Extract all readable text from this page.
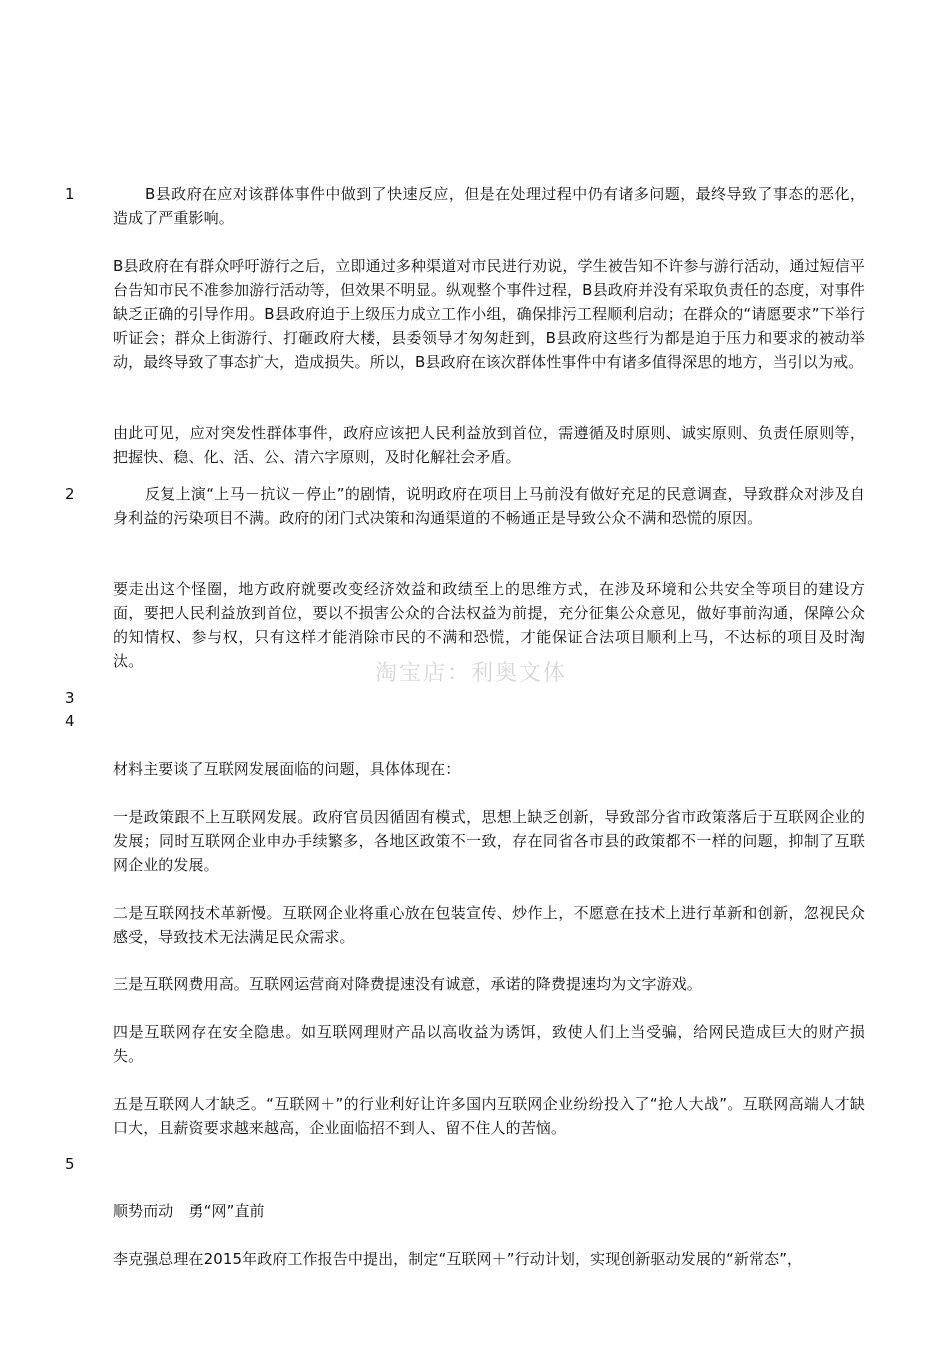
1	B县政府在应对该群体事件中做到了快速反应，但是在处理过程中仍有诸多问题，最终导致了事态的恶化，造成了严重影响。
B县政府在有群众呼吁游行之后，立即通过多种渠道对市民进行劝说，学生被告知不许参与游行活动，通过短信平台告知市民不准参加游行活动等，但效果不明显。纵观整个事件过程，B县政府并没有采取负责任的态度，对事件缺乏正确的引导作用。B县政府迫于上级压力成立工作小组，确保排污工程顺利启动；在群众的“请愿要求”下举行听证会；群众上街游行、打砸政府大楼，县委领导才匆匆赶到，B县政府这些行为都是迫于压力和要求的被动举动，最终导致了事态扩大，造成损失。所以，B县政府在该次群体性事件中有诸多值得深思的地方，当引以为戒。
由此可见，应对突发性群体事件，政府应该把人民利益放到首位，需遵循及时原则、诚实原则、负责任原则等，把握快、稳、化、活、公、清六字原则，及时化解社会矛盾。
2	反复上演“上马－抗议－停止”的剧情，说明政府在项目上马前没有做好充足的民意调查，导致群众对涉及自身利益的污染项目不满。政府的闭门式决策和沟通渠道的不畅通正是导致公众不满和恐慌的原因。
要走出这个怪圈，地方政府就要改变经济效益和政绩至上的思维方式，在涉及环境和公共安全等项目的建设方面，要把人民利益放到首位，要以不损害公众的合法权益为前提，充分征集公众意见，做好事前沟通，保障公众的知情权、参与权，只有这样才能消除市民的不满和恐慌，才能保证合法项目顺利上马，不达标的项目及时淘汰。	淘宝店：利奥文体
3
4
材料主要谈了互联网发展面临的问题，具体体现在：
一是政策跟不上互联网发展。政府官员因循固有模式，思想上缺乏创新，导致部分省市政策落后于互联网企业的发展；同时互联网企业申办手续繁多，各地区政策不一致，存在同省各市县的政策都不一样的问题，抑制了互联网企业的发展。
二是互联网技术革新慢。互联网企业将重心放在包装宣传、炒作上，不愿意在技术上进行革新和创新，忽视民众感受，导致技术无法满足民众需求。
三是互联网费用高。互联网运营商对降费提速没有诚意，承诺的降费提速均为文字游戏。
四是互联网存在安全隐患。如互联网理财产品以高收益为诱饵，致使人们上当受骗，给网民造成巨大的财产损失。
五是互联网人才缺乏。“互联网＋”的行业利好让许多国内互联网企业纷纷投入了“抢人大战”。互联网高端人才缺口大，且薪资要求越来越高，企业面临招不到人、留不住人的苦恼。
5
顺势而动　勇“网”直前
李克强总理在2015年政府工作报告中提出，制定“互联网＋”行动计划，实现创新驱动发展的“新常态”，
